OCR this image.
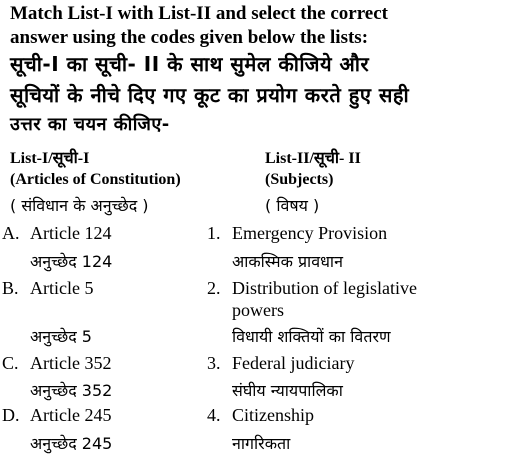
Match List-I with List-II and select the correct
answer using the codes given below the lists:
सूची-I का सूची- II के साथ सुमेल कीजिये और
सूचियों के नीचे दिए गए कूट का प्रयोग करते हुए सही
उत्तर का चयन कीजिए-
List-I/सूची-I
(Articles of Constitution)
( संविधान के अनुच्छेद )
List-II/सूची- II
(Subjects)
( विषय )
A. Article 124
अनुच्छेद 124
B. Article 5
अनुच्छेद 5
C. Article 352
अनुच्छेद 352
D. Article 245
अनुच्छेद 245
1. Emergency Provision
आकस्मिक प्रावधान
2. Distribution of legislative
powers
विधायी शक्तियों का वितरण
3. Federal judiciary
संघीय न्यायपालिका
4. Citizenship
नागरिकता
